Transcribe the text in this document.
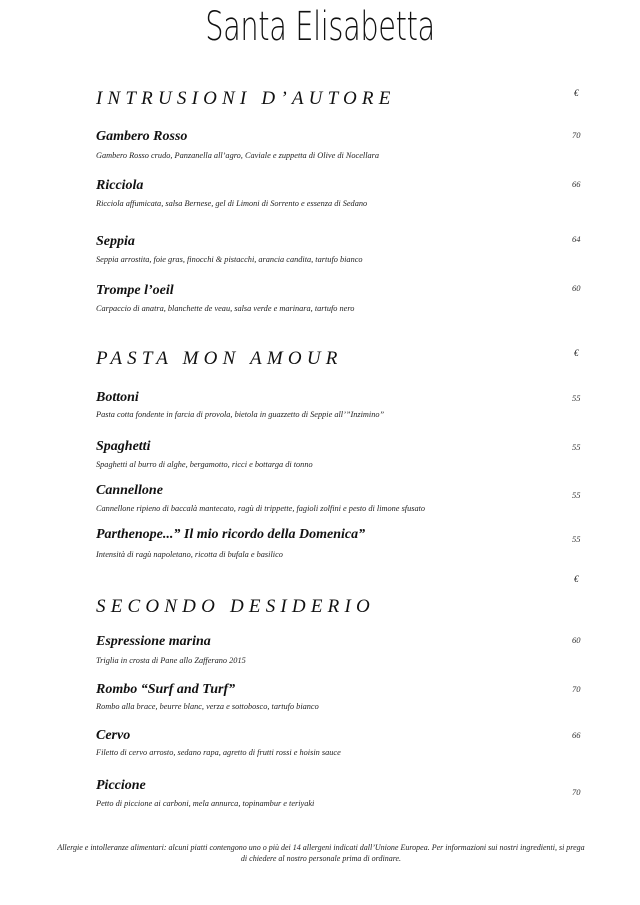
Santa Elisabetta
INTRUSIONI D’AUTORE	€
Gambero Rosso	70
Gambero Rosso crudo, Panzanella all’agro, Caviale e zuppetta di Olive di Nocellara
Ricciola	66
Ricciola affumicata, salsa Bernese, gel di Limoni di Sorrento e essenza di Sedano
Seppia	64
Seppia arrostita, foie gras, finocchi & pistacchi, arancia candita, tartufo bianco
Trompe l’oeil	60
Carpaccio di anatra, blanchette de veau, salsa verde e marinara, tartufo nero
PASTA MON AMOUR	€
Bottoni	55
Pasta cotta fondente in farcia di provola, bietola in guazzetto di Seppie all’”Inzimino”
Spaghetti	55
Spaghetti al burro di alghe, bergamotto, ricci e bottarga di tonno
Cannellone	55
Cannellone ripieno di baccalà mantecato, ragù di trippette, fagioli zolfini e pesto di limone sfusato
Parthenope...” Il mio ricordo della Domenica”	55
Intensità di ragù napoletano, ricotta di bufala e basilico
€
SECONDO DESIDERIO
Espressione marina	60
Triglia in crosta di Pane allo Zafferano 2015
Rombo “Surf and Turf”	70
Rombo alla brace, beurre blanc, verza e sottobosco, tartufo bianco
Cervo	66
Filetto di cervo arrosto, sedano rapa, agretto di frutti rossi e hoisin sauce
Piccione	70
Petto di piccione ai carboni, mela annurca, topinambur e teriyaki
Allergie e intolleranze alimentari: alcuni piatti contengono uno o più dei 14 allergeni indicati dall’Unione Europea. Per informazioni sui nostri ingredienti, si prega di chiedere al nostro personale prima di ordinare.
